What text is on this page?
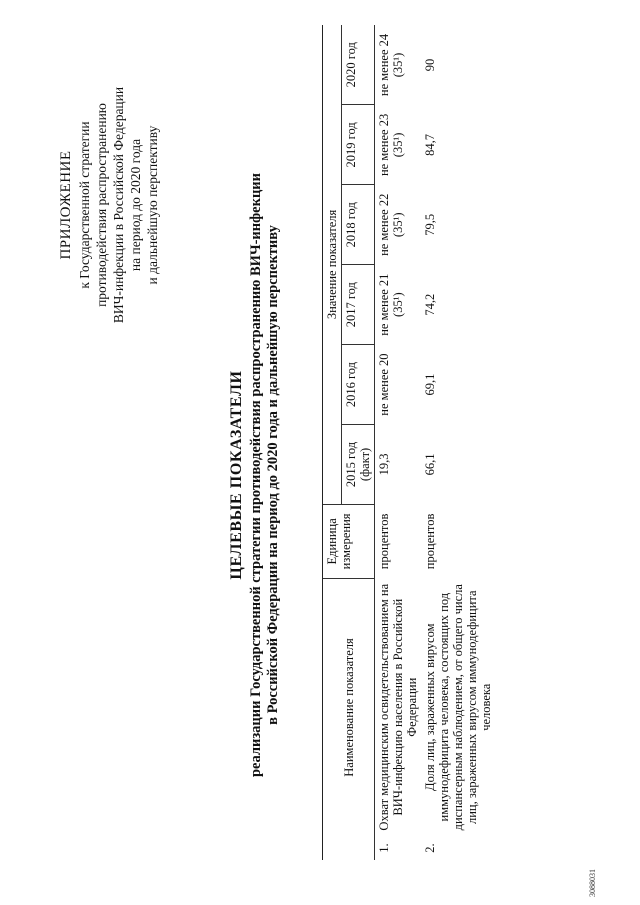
ПРИЛОЖЕНИЕ к Государственной стратегии противодействия распространению ВИЧ-инфекции в Российской Федерации на период до 2020 года и дальнейшую перспективу
ЦЕЛЕВЫЕ ПОКАЗАТЕЛИ реализации Государственной стратегии противодействия распространению ВИЧ-инфекции в Российской Федерации на период до 2020 года и дальнейшую перспективу
		Наименование показателя	Единица измерения	Значение показателя					
			2015 год (факт)	2016 год	2017 год	2018 год	2019 год	2020 год
1.	Охват медицинским освидетельствованием на ВИЧ-инфекцию населения в Российской Федерации	процентов	19,3	не менее 20	не менее 21 (35¹)	не менее 22 (35¹)	не менее 23 (35¹)	не менее 24 (35¹)
2.	Доля лиц, зараженных вирусом иммунодефицита человека, состоящих под диспансерным наблюдением, от общего числа лиц, зараженных вирусом иммунодефицита человека	процентов	66,1	69,1	74,2	79,5	84,7	90
3088031
